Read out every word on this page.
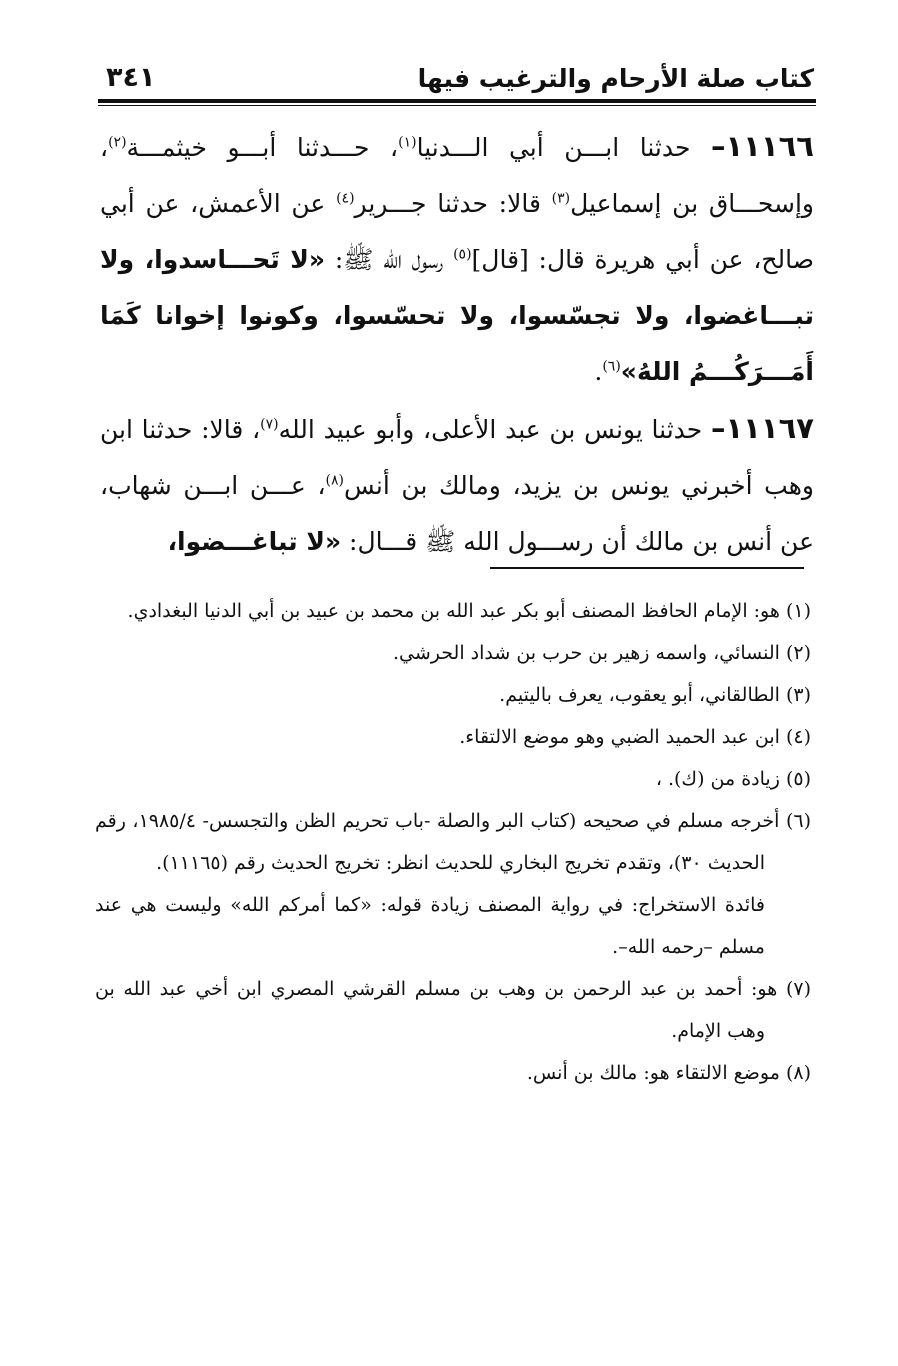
كتاب صلة الأرحام والترغيب فيها
٣٤١

١١١٦٦– حدثنا ابـــن أبي الـــدنيا$^{(١)}$، حـــدثنا أبـــو خيثمـــة$^{(٢)}$، وإسحـــاق بن إسماعيل$^{(٣)}$ قالا: حدثنا جـــرير$^{(٤)}$ عن الأعمش، عن أبي صالح، عن أبي هريرة قال: [قال]$^{(٥)}$ رسول الله ﷺ: «لا تَحـــاسدوا، ولا تبـــاغضوا، ولا تجسّسوا، ولا تحسّسوا، وكونوا إخوانا كَمَا أَمَـــرَكُـــمُ اللهُ»$^{(٦)}$.

١١١٦٧– حدثنا يونس بن عبد الأعلى، وأبو عبيد الله$^{(٧)}$، قالا: حدثنا ابن وهب أخبرني يونس بن يزيد، ومالك بن أنس$^{(٨)}$، عـــن ابـــن شهاب، عن أنس بن مالك أن رســـول الله ﷺ قـــال: «لا تباغـــضوا،

(١) هو: الإمام الحافظ المصنف أبو بكر عبد الله بن محمد بن عبيد بن أبي الدنيا البغدادي.

(٢) النسائي، واسمه زهير بن حرب بن شداد الحرشي.

(٣) الطالقاني، أبو يعقوب، يعرف باليتيم.

(٤) ابن عبد الحميد الضبي وهو موضع الالتقاء.

(٥) زيادة من (ك). ،

(٦) أخرجه مسلم في صحيحه (كتاب البر والصلة -باب تحريم الظن والتجسس- ١٩٨٥/٤، رقم الحديث ٣٠)، وتقدم تخريج البخاري للحديث انظر: تخريج الحديث رقم (١١١٦٥).

فائدة الاستخراج: في رواية المصنف زيادة قوله: «كما أمركم الله» وليست هي عند مسلم –رحمه الله–.

(٧) هو: أحمد بن عبد الرحمن بن وهب بن مسلم القرشي المصري ابن أخي عبد الله بن وهب الإمام.

(٨) موضع الالتقاء هو: مالك بن أنس.
